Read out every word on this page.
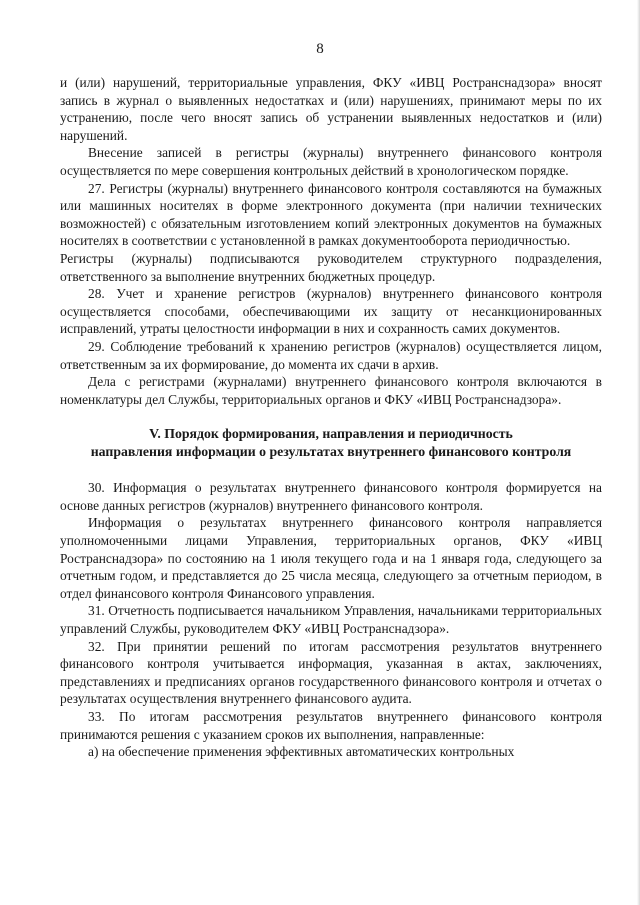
8

и (или) нарушений, территориальные управления, ФКУ «ИВЦ Ространснадзора» вносят запись в журнал о выявленных недостатках и (или) нарушениях, принимают меры по их устранению, после чего вносят запись об устранении выявленных недостатков и (или) нарушений.

Внесение записей в регистры (журналы) внутреннего финансового контроля осуществляется по мере совершения контрольных действий в хронологическом порядке.

27. Регистры (журналы) внутреннего финансового контроля составляются на бумажных или машинных носителях в форме электронного документа (при наличии технических возможностей) с обязательным изготовлением копий электронных документов на бумажных носителях в соответствии с установленной в рамках документооборота периодичностью.

Регистры (журналы) подписываются руководителем структурного подразделения, ответственного за выполнение внутренних бюджетных процедур.

28. Учет и хранение регистров (журналов) внутреннего финансового контроля осуществляется способами, обеспечивающими их защиту от несанкционированных исправлений, утраты целостности информации в них и сохранность самих документов.

29. Соблюдение требований к хранению регистров (журналов) осуществляется лицом, ответственным за их формирование, до момента их сдачи в архив.

Дела с регистрами (журналами) внутреннего финансового контроля включаются в номенклатуры дел Службы, территориальных органов и ФКУ «ИВЦ Ространснадзора».

V. Порядок формирования, направления и периодичность
направления информации о результатах внутреннего финансового контроля

30. Информация о результатах внутреннего финансового контроля формируется на основе данных регистров (журналов) внутреннего финансового контроля.

Информация о результатах внутреннего финансового контроля направляется уполномоченными лицами Управления, территориальных органов, ФКУ «ИВЦ Ространснадзора» по состоянию на 1 июля текущего года и на 1 января года, следующего за отчетным годом, и представляется до 25 числа месяца, следующего за отчетным периодом, в отдел финансового контроля Финансового управления.

31. Отчетность подписывается начальником Управления, начальниками территориальных управлений Службы, руководителем ФКУ «ИВЦ Ространснадзора».

32. При принятии решений по итогам рассмотрения результатов внутреннего финансового контроля учитывается информация, указанная в актах, заключениях, представлениях и предписаниях органов государственного финансового контроля и отчетах о результатах осуществления внутреннего финансового аудита.

33. По итогам рассмотрения результатов внутреннего финансового контроля принимаются решения с указанием сроков их выполнения, направленные:

а) на обеспечение применения эффективных автоматических контрольных
